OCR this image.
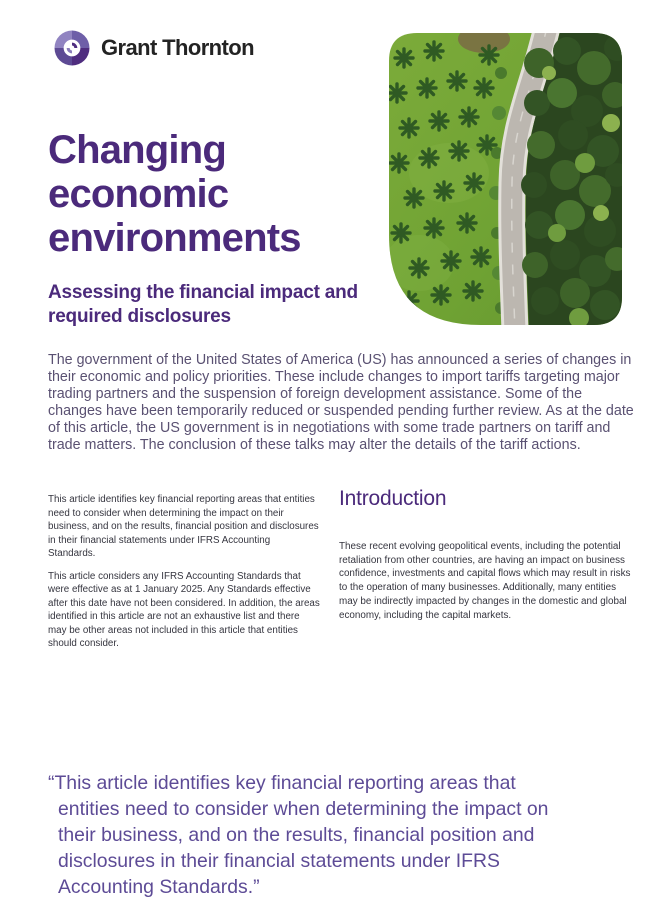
Grant Thornton
Changing
economic
environments
Assessing the financial impact and required disclosures
The government of the United States of America (US) has announced a series of changes in their economic and policy priorities. These include changes to import tariffs targeting major trading partners and the suspension of foreign development assistance. Some of the changes have been temporarily reduced or suspended pending further review. As at the date of this article, the US government is in negotiations with some trade partners on tariff and trade matters. The conclusion of these talks may alter the details of the tariff actions.

This article identifies key financial reporting areas that entities need to consider when determining the impact on their business, and on the results, financial position and disclosures in their financial statements under IFRS Accounting Standards.

This article considers any IFRS Accounting Standards that were effective as at 1 January 2025. Any Standards effective after this date have not been considered. In addition, the areas identified in this article are not an exhaustive list and there may be other areas not included in this article that entities should consider.

Introduction
These recent evolving geopolitical events, including the potential retaliation from other countries, are having an impact on business confidence, investments and capital flows which may result in risks to the operation of many businesses. Additionally, many entities may be indirectly impacted by changes in the domestic and global economy, including the capital markets.
“This article identifies key financial reporting areas that entities need to consider when determining the impact on their business, and on the results, financial position and disclosures in their financial statements under IFRS Accounting Standards.”
